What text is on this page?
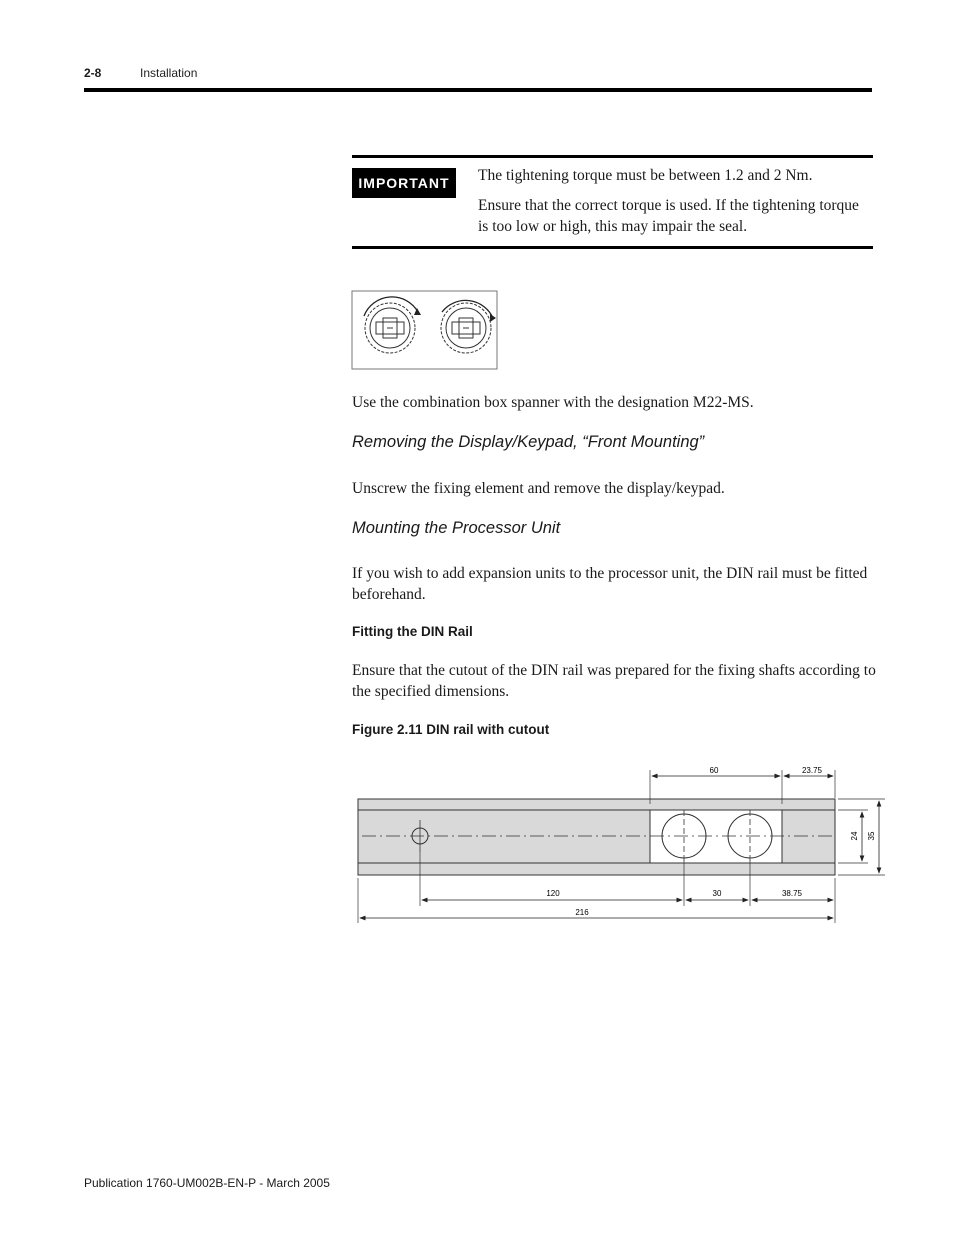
2-8	Installation
IMPORTANT	The tightening torque must be between 1.2 and 2 Nm.
Ensure that the correct torque is used. If the tightening torque is too low or high, this may impair the seal.
Use the combination box spanner with the designation M22-MS.
Removing the Display/Keypad, “Front Mounting”
Unscrew the fixing element and remove the display/keypad.
Mounting the Processor Unit
If you wish to add expansion units to the processor unit, the DIN rail must be fitted beforehand.
Fitting the DIN Rail
Ensure that the cutout of the DIN rail was prepared for the fixing shafts according to the specified dimensions.
Figure 2.11 DIN rail with cutout
60	23.75
24 35
120	30	38.75
216
Publication 1760-UM002B-EN-P - March 2005
